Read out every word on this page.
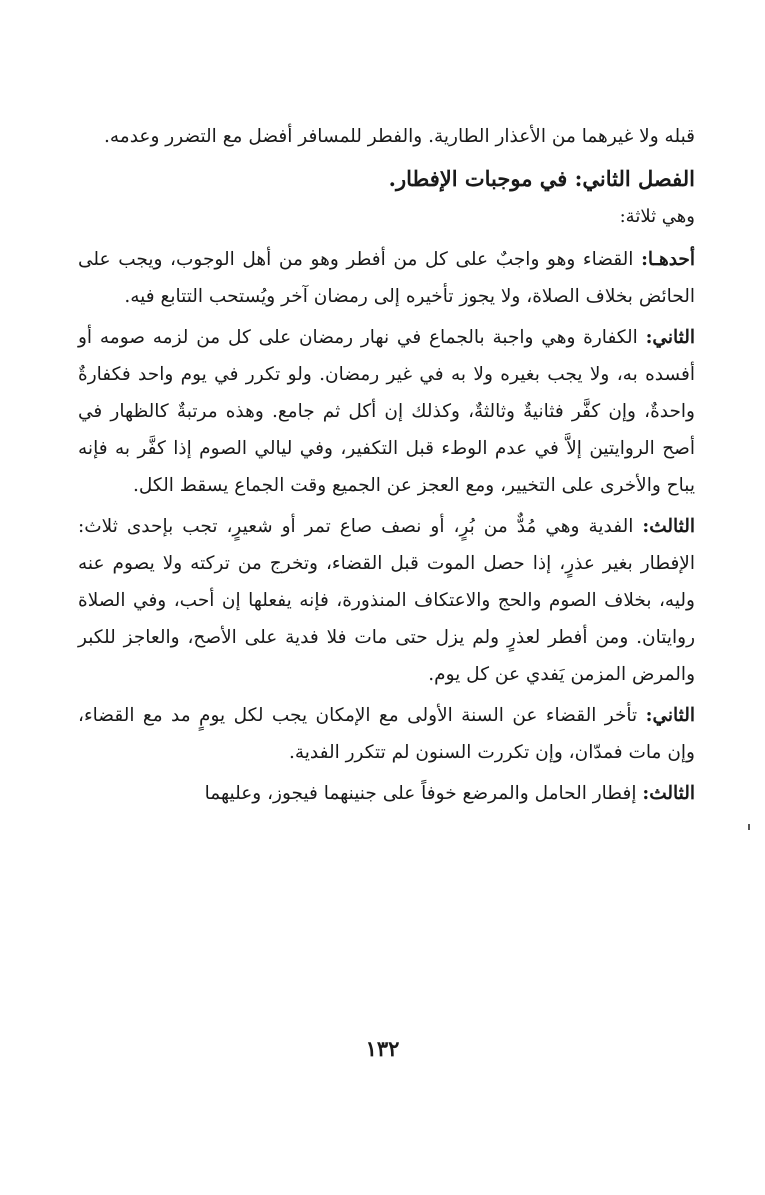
قبله ولا غيرهما من الأعذار الطارية. والفطر للمسافر أفضل مع التضرر وعدمه.

الفصل الثاني: في موجبات الإفطار.
وهي ثلاثة:

أحدهـا: القضاء وهو واجبٌ على كل من أفطر وهو من أهل الوجوب، ويجب على الحائض بخلاف الصلاة، ولا يجوز تأخيره إلى رمضان آخر ويُستحب التتابع فيه.

الثاني: الكفارة وهي واجبة بالجماع في نهار رمضان على كل من لزمه صومه أو أفسده به، ولا يجب بغيره ولا به في غير رمضان. ولو تكرر في يوم واحد فكفارةٌ واحدةٌ، وإن كفَّر فثانيةٌ وثالثةٌ، وكذلك إن أكل ثم جامع. وهذه مرتبةٌ كالظهار في أصح الروايتين إلاَّ في عدم الوطء قبل التكفير، وفي ليالي الصوم إذا كفَّر به فإنه يباح والأخرى على التخيير، ومع العجز عن الجميع وقت الجماع يسقط الكل.

الثالث: الفدية وهي مُدٌّ من بُرٍ، أو نصف صاع تمر أو شعيرٍ، تجب بإحدى ثلاث: الإفطار بغير عذرٍ، إذا حصل الموت قبل القضاء، وتخرج من تركته ولا يصوم عنه وليه، بخلاف الصوم والحج والاعتكاف المنذورة، فإنه يفعلها إن أحب، وفي الصلاة روايتان. ومن أفطر لعذرٍ ولم يزل حتى مات فلا فدية على الأصح، والعاجز للكبر والمرض المزمن يَفدي عن كل يوم.

الثاني: تأخر القضاء عن السنة الأولى مع الإمكان يجب لكل يومٍ مد مع القضاء، وإن مات فمدّان، وإن تكررت السنون لم تتكرر الفدية.

الثالث: إفطار الحامل والمرضع خوفاً على جنينهما فيجوز، وعليهما

١٣٢
